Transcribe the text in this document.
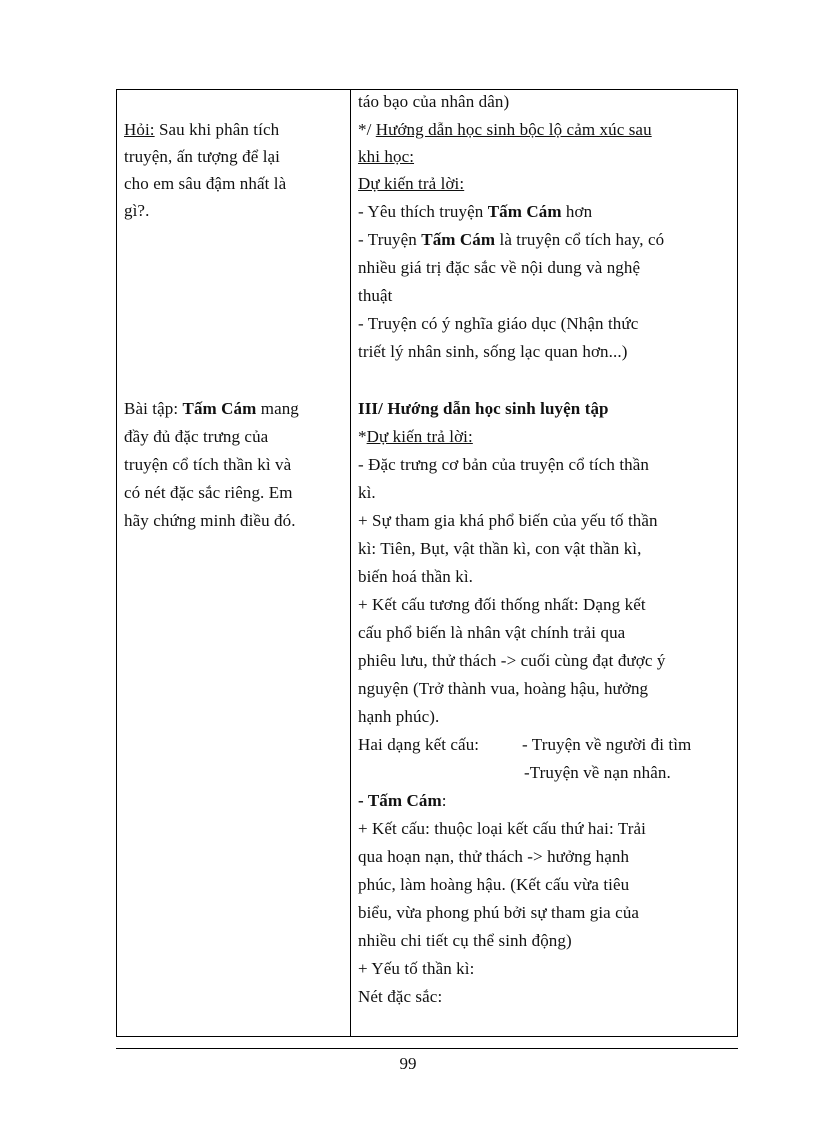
Hỏi: Sau khi phân tích
truyện, ấn tượng để lại
cho em sâu đậm nhất là
gì?.
Bài tập: Tấm Cám mang
đầy đủ đặc trưng của
truyện cổ tích thần kì và
có nét đặc sắc riêng. Em
hãy chứng minh điều đó.
táo bạo của nhân dân)
*/ Hướng dẫn học sinh bộc lộ cảm xúc sau
khi học:
Dự kiến trả lời:
- Yêu thích truyện Tấm Cám hơn
- Truyện Tấm Cám là truyện cổ tích hay, có
nhiều giá trị đặc sắc về nội dung và nghệ
thuật
- Truyện có ý nghĩa giáo dục (Nhận thức
triết lý nhân sinh, sống lạc quan hơn...)
III/ Hướng dẫn học sinh luyện tập
*Dự kiến trả lời:
- Đặc trưng cơ bản của truyện cổ tích thần
kì.
+ Sự tham gia khá phổ biến của yếu tố thần
kì: Tiên, Bụt, vật thần kì, con vật thần kì,
biến hoá thần kì.
+ Kết cấu tương đối thống nhất: Dạng kết
cấu phổ biến là nhân vật chính trải qua
phiêu lưu, thử thách -> cuối cùng đạt được ý
nguyện (Trở thành vua, hoàng hậu, hưởng
hạnh phúc).
Hai dạng kết cấu:	- Truyện về người đi tìm
-Truyện về nạn nhân.
- Tấm Cám:
+ Kết cấu: thuộc loại kết cấu thứ hai: Trải
qua hoạn nạn, thử thách -> hưởng hạnh
phúc, làm hoàng hậu. (Kết cấu vừa tiêu
biểu, vừa phong phú bởi sự tham gia của
nhiều chi tiết cụ thể sinh động)
+ Yếu tố thần kì:
Nét đặc sắc:
99
